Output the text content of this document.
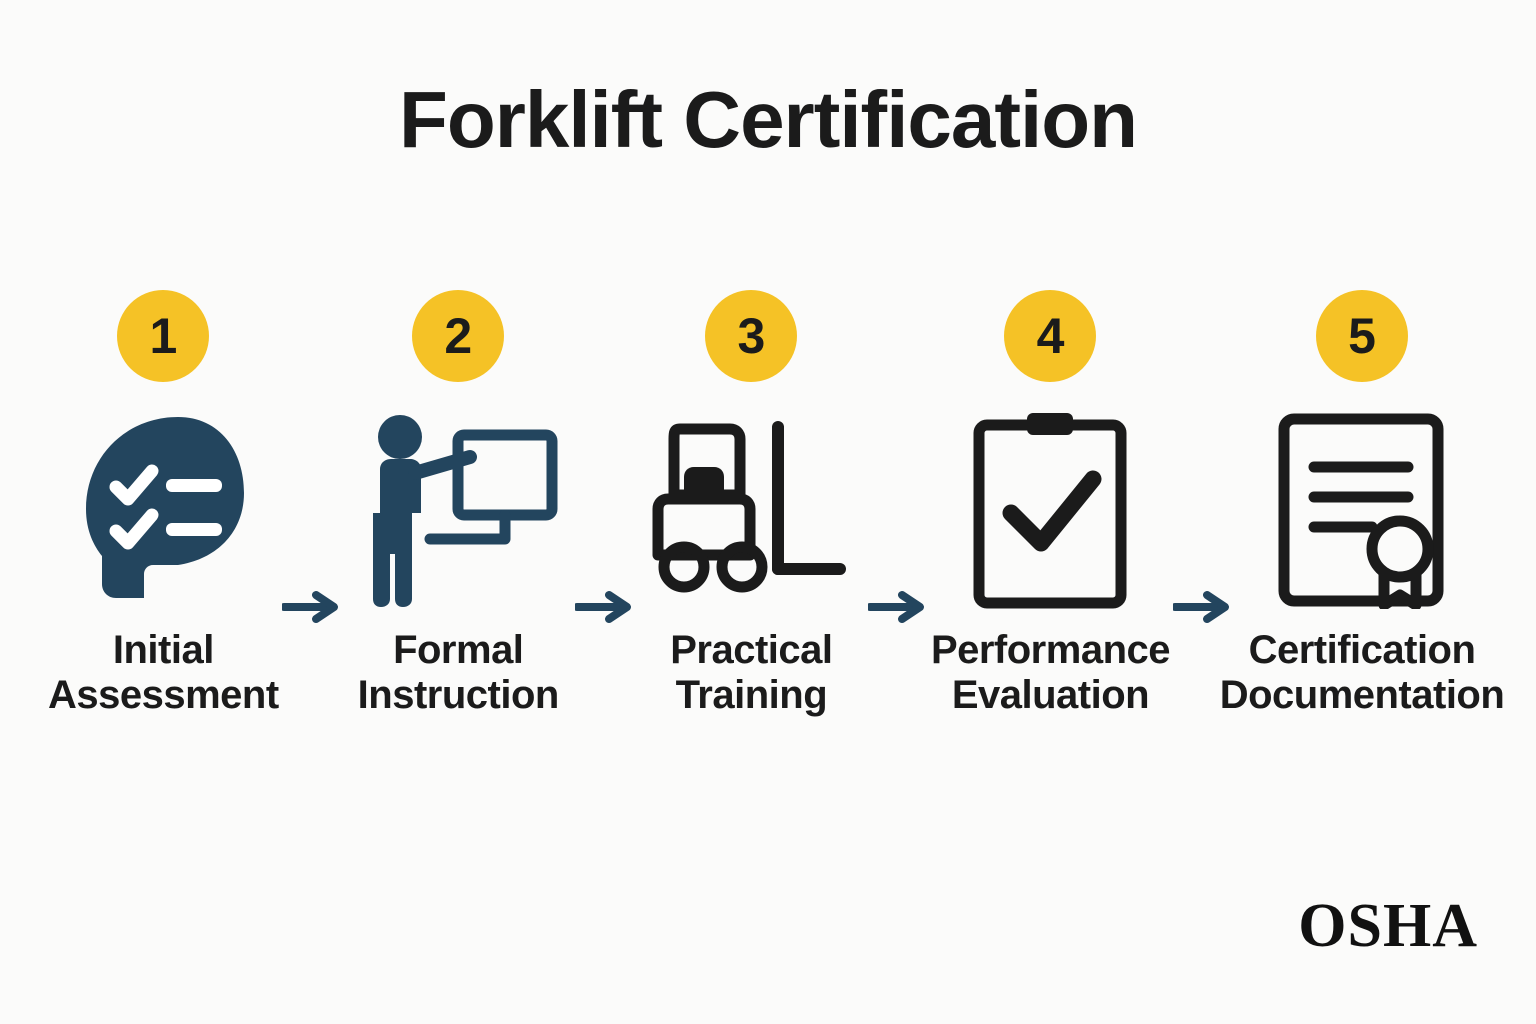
Forklift Certification
1
Initial
Assessment
2
Formal
Instruction
3
Practical
Training
4
Performance
Evaluation
5
Certification
Documentation
OSHA
